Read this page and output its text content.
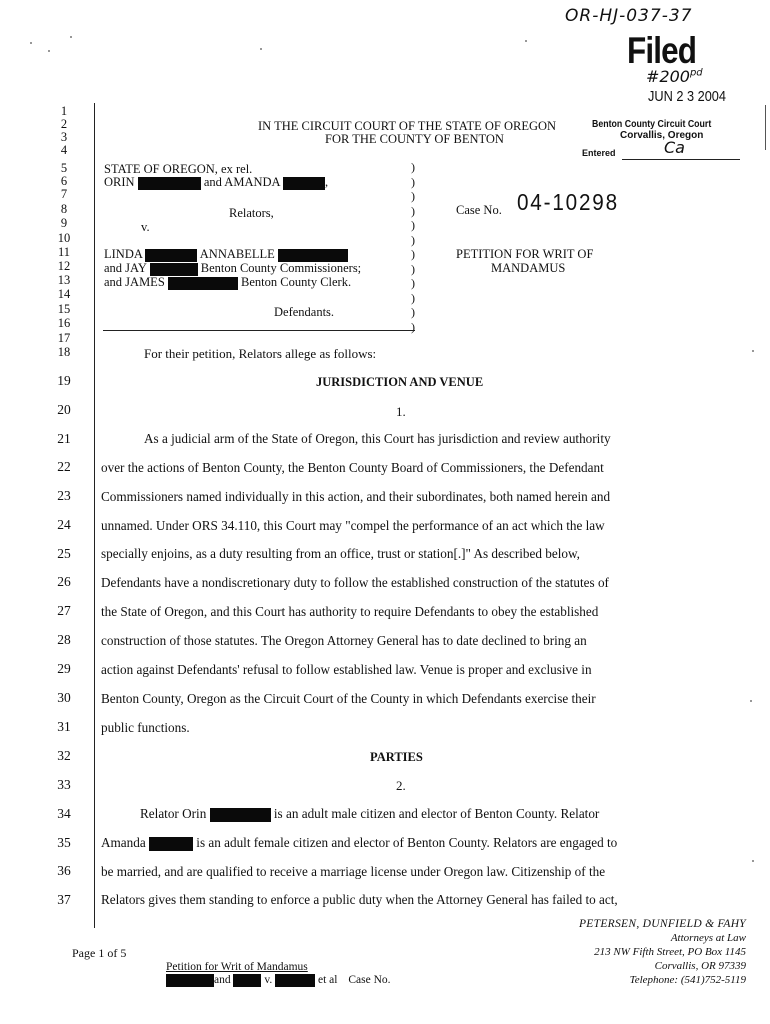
OR-HJ-037-37
Filed
$\#200^{pd}$
JUN 2 3 2004
Benton County Circuit Court
Corvallis, Oregon
Entered	Ca
1
2
3
4
5
6
7
8
9
10
11
12
13
14
15
16
17
18
19
20
21
22
23
24
25
26
27
28
29
30
31
32
33
34
35
36
37
IN THE CIRCUIT COURT OF THE STATE OF OREGON
FOR THE COUNTY OF BENTON
STATE OF OREGON, ex rel.
ORIN	and AMANDA	,
Relators,
v.
LINDA	ANNABELLE
and JAY	Benton County Commissioners;
and JAMES	Benton County Clerk.
Defendants.
)
)
)
)
)
)
)
)
)
)
)
)
Case No. 04-10298
PETITION FOR WRIT OF
MANDAMUS
For their petition, Relators allege as follows:
JURISDICTION AND VENUE
1.
As a judicial arm of the State of Oregon, this Court has jurisdiction and review authority
over the actions of Benton County, the Benton County Board of Commissioners, the Defendant
Commissioners named individually in this action, and their subordinates, both named herein and
unnamed. Under ORS 34.110, this Court may "compel the performance of an act which the law
specially enjoins, as a duty resulting from an office, trust or station[.]" As described below,
Defendants have a nondiscretionary duty to follow the established construction of the statutes of
the State of Oregon, and this Court has authority to require Defendants to obey the established
construction of those statutes. The Oregon Attorney General has to date declined to bring an
action against Defendants' refusal to follow established law. Venue is proper and exclusive in
Benton County, Oregon as the Circuit Court of the County in which Defendants exercise their
public functions.
PARTIES
2.
Relator Orin	is an adult male citizen and elector of Benton County. Relator
Amanda	is an adult female citizen and elector of Benton County. Relators are engaged to
be married, and are qualified to receive a marriage license under Oregon law. Citizenship of the
Relators gives them standing to enforce a public duty when the Attorney General has failed to act,
Page 1 of 5
Petition for Writ of Mandamus
and	v.	et al Case No.
PETERSEN, DUNFIELD & FAHY
Attorneys at Law
213 NW Fifth Street, PO Box 1145
Corvallis, OR 97339
Telephone: (541)752-5119
